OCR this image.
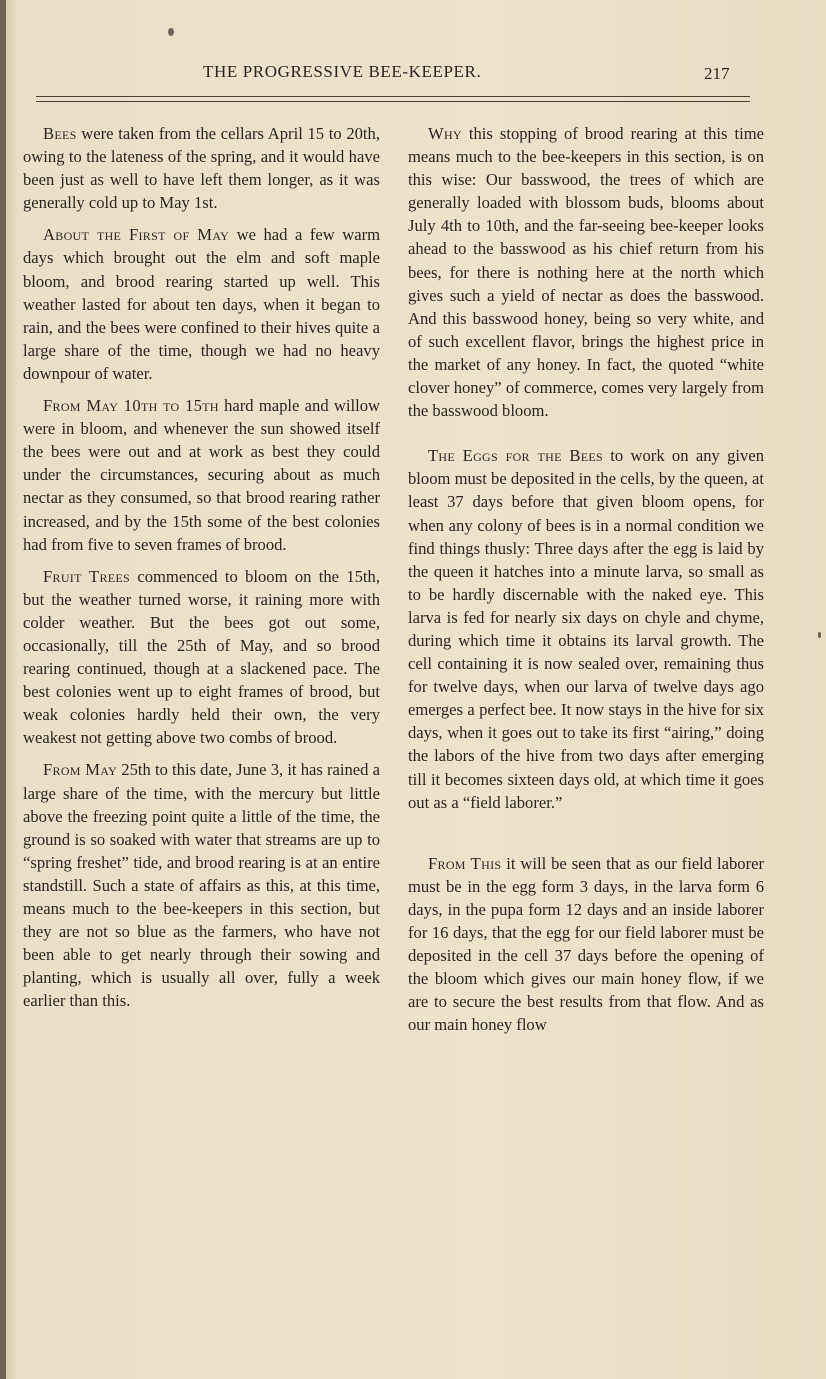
THE PROGRESSIVE BEE-KEEPER.	217

Bees were taken from the cellars April 15 to 20th, owing to the lateness of the spring, and it would have been just as well to have left them longer, as it was generally cold up to May 1st.

About the First of May we had a few warm days which brought out the elm and soft maple bloom, and brood rearing started up well. This weather lasted for about ten days, when it began to rain, and the bees were confined to their hives quite a large share of the time, though we had no heavy downpour of water.

From May 10th to 15th hard maple and willow were in bloom, and whenever the sun showed itself the bees were out and at work as best they could under the circumstances, securing about as much nectar as they consumed, so that brood rearing rather increased, and by the 15th some of the best colonies had from five to seven frames of brood.

Fruit Trees commenced to bloom on the 15th, but the weather turned worse, it raining more with colder weather. But the bees got out some, occasionally, till the 25th of May, and so brood rearing continued, though at a slackened pace. The best colonies went up to eight frames of brood, but weak colonies hardly held their own, the very weakest not getting above two combs of brood.

From May 25th to this date, June 3, it has rained a large share of the time, with the mercury but little above the freezing point quite a little of the time, the ground is so soaked with water that streams are up to “spring freshet” tide, and brood rearing is at an entire standstill. Such a state of affairs as this, at this time, means much to the bee-keepers in this section, but they are not so blue as the farmers, who have not been able to get nearly through their sowing and planting, which is usually all over, fully a week earlier than this.

Why this stopping of brood rearing at this time means much to the bee-keepers in this section, is on this wise: Our basswood, the trees of which are generally loaded with blossom buds, blooms about July 4th to 10th, and the far-seeing bee-keeper looks ahead to the basswood as his chief return from his bees, for there is nothing here at the north which gives such a yield of nectar as does the basswood. And this basswood honey, being so very white, and of such excellent flavor, brings the highest price in the market of any honey. In fact, the quoted “white clover honey” of commerce, comes very largely from the basswood bloom.

The Eggs for the Bees to work on any given bloom must be deposited in the cells, by the queen, at least 37 days before that given bloom opens, for when any colony of bees is in a normal condition we find things thusly: Three days after the egg is laid by the queen it hatches into a minute larva, so small as to be hardly discernable with the naked eye. This larva is fed for nearly six days on chyle and chyme, during which time it obtains its larval growth. The cell containing it is now sealed over, remaining thus for twelve days, when our larva of twelve days ago emerges a perfect bee. It now stays in the hive for six days, when it goes out to take its first “airing,” doing the labors of the hive from two days after emerging till it becomes sixteen days old, at which time it goes out as a “field laborer.”

From This it will be seen that as our field laborer must be in the egg form 3 days, in the larva form 6 days, in the pupa form 12 days and an inside laborer for 16 days, that the egg for our field laborer must be deposited in the cell 37 days before the opening of the bloom which gives our main honey flow, if we are to secure the best results from that flow. And as our main honey flow
